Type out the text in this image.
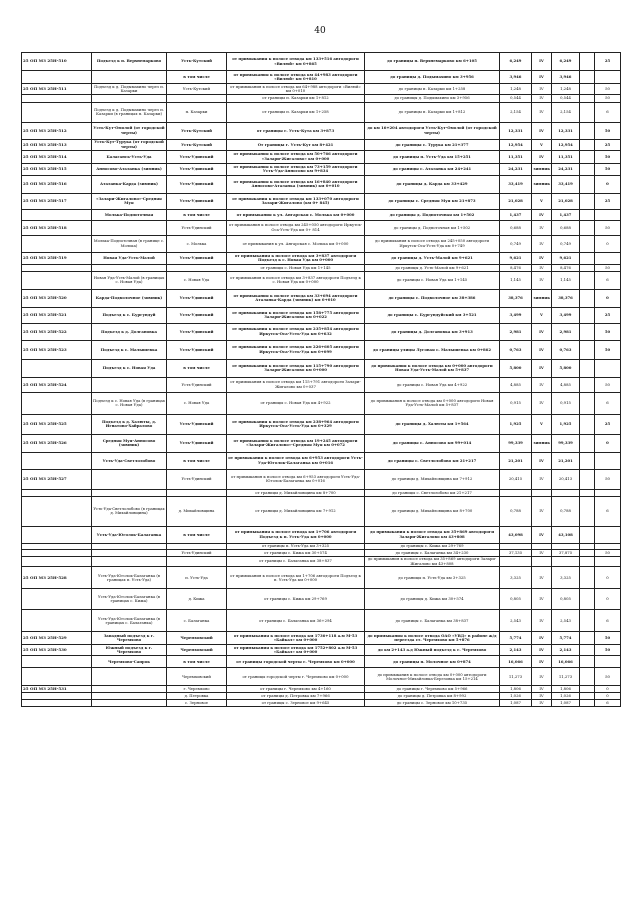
40
25 ОП МЗ 25Н-510	Подъезд к п. Верхнемарково	Усть-Кутский	от примыкания к полосе отвода км 133+516 автодороги «Вилюй» км 0+865	до границы п. Верхнемарково км 6+105	6,249	IV	6,249		25
		в том числе	от примыкания к полосе отвода км 44+983 автодороги «Вилюй» км 0+810	до границы д. Подымахино км 3+956	3,946	IV	3,946		
25 ОП МЗ 25Н-511	Подъезд к д. Подымахино через п. Казарки	Усть-Кутский	от примыкания к полосе отвода км 64+988 автодороги «Вилюй» км 0+010	до границы п. Казарки км 1+258	1,248	IV	1,248		50
			от границы п. Казарки км 1+812	до границы д. Подымахино км 3+956	0,544	IV	0,544		50
	Подъезд к д. Подымахино через п. Казарки (в границах п. Казарки)	п. Казарки	от границы п. Казарки км 1+258	до границы п. Казарки км 1+812	2,154	IV	2,154		6
25 ОП МЗ 25Н-512	Усть-Кут-Омолой (от городской черты)	Усть-Кутский	от границы г. Усть-Кута км 3+873	до км 16+204 автодороги Усть-Кут-Омолой (от городской черты)	12,331	IV	12,331		50
25 ОП МЗ 25Н-513	Усть-Кут-Турука (от городской черты)	Усть-Кутский	От границы г. Усть-Кут км 8+421	до границы с. Турука км 21+377	12,954	V	12,954		25
25 ОП МЗ 25Н-514	Балаганск-Усть-Уда	Усть-Удинский	от примыкания к полосе отвода км 50+766 автодороги «Залари-Жигалово» км 0+000	до границы п. Усть-Уда км 15+251	11,351	IV	11,351		50
25 ОП МЗ 25Н-515	Анносово-Аталанка (зимник)	Усть-Удинский	от примыкания к полосе отвода км 73+159 автодороги Усть-Уда-Анносово км 9+834	до границы с. Аталанка км 24+241	24,231	зимник	24,231		50
25 ОП МЗ 25Н-516	Аталанка-Карда (зимник)	Усть-Удинский	от примыкания к полосе отвода км 16+840 автодороги Анносово-Аталанка (зимник) км 0+010	до границы д. Карда км 33+429	33,419	зимник	33,419		0
25 ОП МЗ 25Н-517	«Залари-Жигалово»-Средняя Муя	Усть-Удинский	от примыкания к полосе отвода км 133+070 автодороги Залари-Жигалово (км 0+ 845)	до границы с. Средняя Муя км 21+873	21,028	V	21,028		25
	Молька-Подпоточная	в том числе	от примыкания к ул. Ангарская с. Молька км 0+000	до границы д. Подпоточная км 1+502	1,437	IV	1,437		
25 ОП МЗ 25Н-518		Усть-Удинский	от примыкания к полосе отвода км 245+050 автодороги Иркутск-Оса-Усть-Уда км 0+ 814	до границы д. Подпоточная км 1+502	0,688	IV	0,688		50
	Молька-Подпоточная (в границе с. Молька)	с. Молька	от примыкания к ул. Ангарская с. Молька км 0+000	до примыкания к полосе отвода км 245+050 автодороги Иркутск-Оса-Усть-Уда км 0+749	0,749	IV	0,749		0
25 ОП МЗ 25Н-519	Новая Уда-Усть-Малой	Усть-Удинский	от примыкания к полосе отвода км 3+837 автодороги Подъезд к с. Новая Уда км 0+000	до границы д. Усть-Малой км 9+621	9,621	IV	9,621		
			от границы с. Новая Уда км 1+145	до границы д. Усть-Малой км 9+621	8,476	IV	8,476		50
	Новая Уда-Усть-Малой (в границах с. Новая Уда)	с. Новая Уда	от примыкания к полосе отвода км 3+837 автодороги Подъезд к с. Новая Уда км 0+000	до границы с. Новая Уда км 1+145	1,145	IV	1,145		6
25 ОП МЗ 25Н-520	Карда-Подволочное (зимник)	Усть-Удинский	от примыкания к полосе отвода км 33+694 автодороги Аталанка-Карда (зимник) км 0+010	до границы с. Подволочное км 38+386	38,376	зимник	38,376		0
25 ОП МЗ 25Н-521	Подъезд к с. Бургундуй	Усть-Удинский	от примыкания к полосе отвода км 158+775 автодороги Залари-Жигалово км 0+022	до границы с. Бургундуйский км 3+521	3,499	V	3,499		25
25 ОП МЗ 25Н-522	Подъезд к д. Долгановка	Усть-Удинский	от примыкания к полосе отвода км 235+854 автодороги Иркутск-Оса-Усть-Уда км 0+632	до границы д. Долгановка км 3+913	2,981	IV	2,981		50
25 ОП МЗ 25Н-523	Подъезд к с. Малышевка	Усть-Удинский	от примыкания к полосе отвода км 226+605 автодороги Иркутск-Оса-Усть-Уда км 0+099	до границы улицы Луговая с. Малышевка км 0+862	0,763	IV	0,763		50
	Подъезд к с. Новая Уда	в том числе	от примыкания к полосе отвода км 115+790 автодороги Залари-Жигалово км 0+000	до примыкания к полосе отвода км 0+000 автодороги Новая Уда-Усть-Малой км 5+837	5,800	IV	5,800		
25 ОП МЗ 25Н-524		Усть-Удинский	от примыкания к полосе отвода км 115+791 автодороги Залари-Жигалово км 0+037	до границы с. Новая Уда км 4+922	4,885	IV	4,885		50
	Подъезд к с. Новая Уда (в границах с. Новая Уда)	с. Новая Уда	от границы с. Новая Уда км 4+922	до примыкания к полосе отвода км 0+000 автодороги Новая Уда-Усть-Малой км 5+837	0,915	IV	0,915		6
25 ОП МЗ 25Н-525	Подъезд к д. Халюты, д. Игнатово-Хайралово	Усть-Удинский	от примыкания к полосе отвода км 238+964 автодороги Иркутск-Оса-Усть-Уда км 0+329	до границы д. Халюты км 1+564	1,925	V	1,925		25
25 ОП МЗ 25Н-526	Средняя Муя-Анносово (зимник)	Усть-Удинский	от примыкания к полосе отвода км 19+245 автодороги «Залари-Жигалово»-Средняя Муя км 0+072	до границы с. Анносово км 99+014	99,339	зимник	99,339		0
	Усть-Уда-Светлолобово	в том числе	от примыкания к полосе отвода км 6+953 автодороги Усть-Уда-Юголок-Балаганка км 0+016	до границы с. Светлолобово км 21+217	21,201	IV	21,201		
25 ОП МЗ 25Н-527		Усть-Удинский	от примыкания к полосе отвода км 6+953 автодороги Усть-Уда-Юголок-Балаганка км 0+016	до границы д. Михайловщина км 7+912	20,415	IV	20,413		50
			от границы д. Михайловщина км 8+700	до границы с. Светлолобово км 21+217					
	Усть-Уда-Светлолобово (в границах д. Михайловщина)	д. Михайловщина	от границы д. Михайловщина км 7+912	до границы д. Михайловщина км 8+700	0,788	IV	0,788		6
	Усть-Уда-Юголок-Балаганка	в том числе	от примыкания к полосе отвода км 1+706 автодороги Подъезд к п. Усть-Уда км 0+000	до примыкания к полосе отвода км 35+869 автодороги Залари-Жигалово км 43+808	43,098	IV	43,108		
			от границы п. Усть-Уда км 3+325	до границы с. Кижа км 29+769					
		Усть-Удинский	от границы с. Кижа км 30+574	до границы с. Балаганка км 34+230	37,135	IV	37,875		50
			от границы с. Балаганка км 38+837	до примыкания к полосе отвода км 35+869 автодороги Залари-Жигалово км 43+808					
25 ОП МЗ 25Н-528	Усть-Уда-Юголок-Балаганка (в границах п. Усть-Уда)	п. Усть-Уда	от примыкания к полосе отвода км 1+706 автодороги Подъезд к п. Усть-Уда км 0+000	до границы п. Усть-Уда км 3+325	3,325	IV	3,325		0
	Усть-Уда-Юголок-Балаганка (в границах с. Кижа)	д. Кижа	от границы с. Кижа км 29+769	до границы д. Кижа км 30+574	0,805	IV	0,805		0
	Усть-Уда-Юголок-Балаганка (в границах с. Балаганка)	с. Балаганка	от границы с. Балаганка км 36+294	до границы с. Балаганка км 38+837	2,543	IV	2,543		6
25 ОП МЗ 25Н-529	Западный подъезд к г. Черемхово	Черемховский	от примыкания к полосе отвода км 1736+118 а.м М-53 «Байкал» км 0+000	до примыкания к полосе отвода ОАО «УВД» в районе ж/д переезда ст. Черемхово км 5+876	5,774	IV	5,774		50
25 ОП МЗ 25Н-530	Южный подъезд к г. Черемхово	Черемховский	от примыкания к полосе отвода км 1752+802 а.м М-53 «Байкал» км 0+000	до км 2+143 а.д Южный подъезд к г. Черемхово	2,143	IV	2,143		50
	Черемхово-Сапрок	в том числе	от границы городской черты г. Черемхово км 0+000	до границы п. Молочное км 0+874	16,066	IV	16,066		
		Черемховский	от границы городской черты г. Черемхово км 0+000	до примыкания к полосе отвода км 0+000 автодороги Молочное-Михайловка-Березовка км 15+214	11,273	IV	11,273		50
25 ОП МЗ 25Н-531		г. Черемхово	от границы г. Черемхово км 4+160	до границы г. Черемхово км 5+966	1,806	IV	1,806		0
		д. Петровка	от границы д. Петровка км 7+966	до границы д. Петровка км 8+992	1,026	IV	1,026		0
		с. Зерновое	от границы с. Зерновое км 9+645	до границы с. Зерновое км 10+735	1,087	IV	1,087		6
